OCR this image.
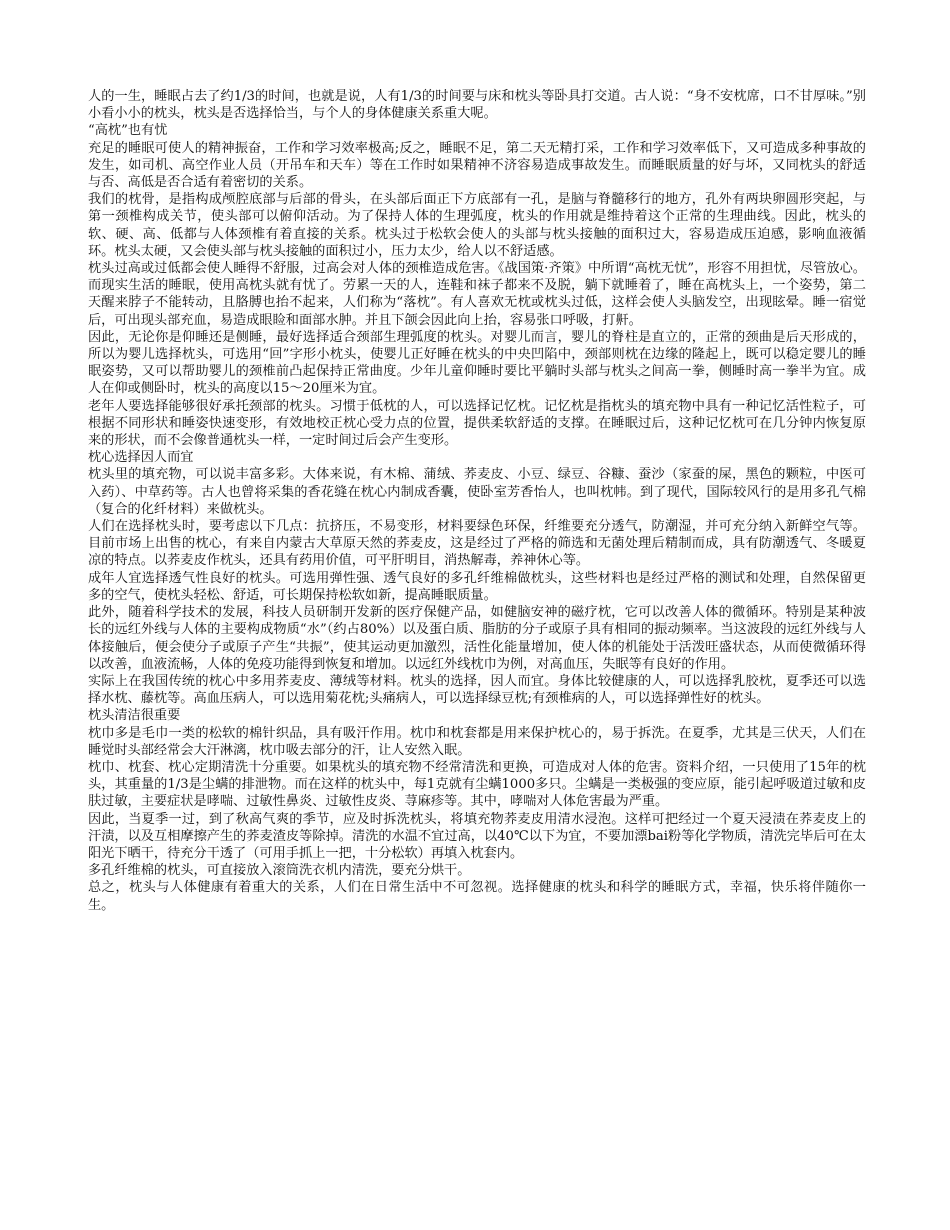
人的一生，睡眠占去了约1/3的时间，也就是说，人有1/3的时间要与床和枕头等卧具打交道。古人说：“身不安枕席，口不甘厚味。”别小看小小的枕头，枕头是否选择恰当，与个人的身体健康关系重大呢。

“高枕”也有忧

充足的睡眠可使人的精神振奋，工作和学习效率极高;反之，睡眠不足，第二天无精打采，工作和学习效率低下，又可造成多种事故的发生，如司机、高空作业人员（开吊车和天车）等在工作时如果精神不济容易造成事故发生。而睡眠质量的好与坏，又同枕头的舒适与否、高低是否合适有着密切的关系。

我们的枕骨，是指构成颅腔底部与后部的骨头，在头部后面正下方底部有一孔，是脑与脊髓移行的地方，孔外有两块卵圆形突起，与第一颈椎构成关节，使头部可以俯仰活动。为了保持人体的生理弧度，枕头的作用就是维持着这个正常的生理曲线。因此，枕头的软、硬、高、低都与人体颈椎有着直接的关系。枕头过于松软会使人的头部与枕头接触的面积过大，容易造成压迫感，影响血液循环。枕头太硬，又会使头部与枕头接触的面积过小，压力太少，给人以不舒适感。

枕头过高或过低都会使人睡得不舒服，过高会对人体的颈椎造成危害。《战国策·齐策》中所谓“高枕无忧”，形容不用担忧，尽管放心。而现实生活的睡眠，使用高枕头就有忧了。劳累一天的人，连鞋和袜子都来不及脱，躺下就睡着了，睡在高枕头上，一个姿势，第二天醒来脖子不能转动，且胳膊也抬不起来，人们称为“落枕”。有人喜欢无枕或枕头过低，这样会使人头脑发空，出现眩晕。睡一宿觉后，可出现头部充血，易造成眼睑和面部水肿。并且下颌会因此向上抬，容易张口呼吸，打鼾。

因此，无论你是仰睡还是侧睡，最好选择适合颈部生理弧度的枕头。对婴儿而言，婴儿的脊柱是直立的，正常的颈曲是后天形成的，所以为婴儿选择枕头，可选用“回”字形小枕头，使婴儿正好睡在枕头的中央凹陷中，颈部则枕在边缘的隆起上，既可以稳定婴儿的睡眠姿势，又可以帮助婴儿的颈椎前凸起保持正常曲度。少年儿童仰睡时要比平躺时头部与枕头之间高一拳，侧睡时高一拳半为宜。成人在仰或侧卧时，枕头的高度以15～20厘米为宜。

老年人要选择能够很好承托颈部的枕头。习惯于低枕的人，可以选择记忆枕。记忆枕是指枕头的填充物中具有一种记忆活性粒子，可根据不同形状和睡姿快速变形，有效地校正枕心受力点的位置，提供柔软舒适的支撑。在睡眠过后，这种记忆枕可在几分钟内恢复原来的形状，而不会像普通枕头一样，一定时间过后会产生变形。

枕心选择因人而宜

枕头里的填充物，可以说丰富多彩。大体来说，有木棉、蒲绒、荞麦皮、小豆、绿豆、谷糠、蚕沙（家蚕的屎，黑色的颗粒，中医可入药）、中草药等。古人也曾将采集的香花缝在枕心内制成香囊，使卧室芳香怡人，也叫枕帏。到了现代，国际较风行的是用多孔气棉（复合的化纤材料）来做枕头。

人们在选择枕头时，要考虑以下几点：抗挤压，不易变形，材料要绿色环保，纤维要充分透气，防潮湿，并可充分纳入新鲜空气等。目前市场上出售的枕心，有来自内蒙古大草原天然的荞麦皮，这是经过了严格的筛选和无菌处理后精制而成，具有防潮透气、冬暖夏凉的特点。以荞麦皮作枕头，还具有药用价值，可平肝明目，消热解毒，养神休心等。

成年人宜选择透气性良好的枕头。可选用弹性强、透气良好的多孔纤维棉做枕头，这些材料也是经过严格的测试和处理，自然保留更多的空气，使枕头轻松、舒适，可长期保持松软如新，提高睡眠质量。

此外，随着科学技术的发展，科技人员研制开发新的医疗保健产品，如健脑安神的磁疗枕，它可以改善人体的微循环。特别是某种波长的远红外线与人体的主要构成物质“水”（约占80%）以及蛋白质、脂肪的分子或原子具有相同的振动频率。当这波段的远红外线与人体接触后，便会使分子或原子产生“共振”，使其运动更加激烈，活性化能量增加，使人体的机能处于活泼旺盛状态，从而使微循环得以改善，血液流畅，人体的免疫功能得到恢复和增加。以远红外线枕巾为例，对高血压，失眠等有良好的作用。

实际上在我国传统的枕心中多用荞麦皮、薄绒等材料。枕头的选择，因人而宜。身体比较健康的人，可以选择乳胶枕，夏季还可以选择水枕、藤枕等。高血压病人，可以选用菊花枕;头痛病人，可以选择绿豆枕;有颈椎病的人，可以选择弹性好的枕头。

枕头清洁很重要

枕巾多是毛巾一类的松软的棉针织品，具有吸汗作用。枕巾和枕套都是用来保护枕心的，易于拆洗。在夏季，尤其是三伏天，人们在睡觉时头部经常会大汗淋漓，枕巾吸去部分的汗，让人安然入眠。

枕巾、枕套、枕心定期清洗十分重要。如果枕头的填充物不经常清洗和更换，可造成对人体的危害。资料介绍，一只使用了15年的枕头，其重量的1/3是尘螨的排泄物。而在这样的枕头中，每1克就有尘螨1000多只。尘螨是一类极强的变应原，能引起呼吸道过敏和皮肤过敏，主要症状是哮喘、过敏性鼻炎、过敏性皮炎、荨麻疹等。其中，哮喘对人体危害最为严重。

因此，当夏季一过，到了秋高气爽的季节，应及时拆洗枕头，将填充物荞麦皮用清水浸泡。这样可把经过一个夏天浸渍在荞麦皮上的汗渍，以及互相摩擦产生的荞麦渣皮等除掉。清洗的水温不宜过高，以40℃以下为宜，不要加漂bai粉等化学物质，清洗完毕后可在太阳光下晒干，待充分干透了（可用手抓上一把，十分松软）再填入枕套内。

多孔纤维棉的枕头，可直接放入滚筒洗衣机内清洗，要充分烘干。

总之，枕头与人体健康有着重大的关系，人们在日常生活中不可忽视。选择健康的枕头和科学的睡眠方式，幸福，快乐将伴随你一生。
